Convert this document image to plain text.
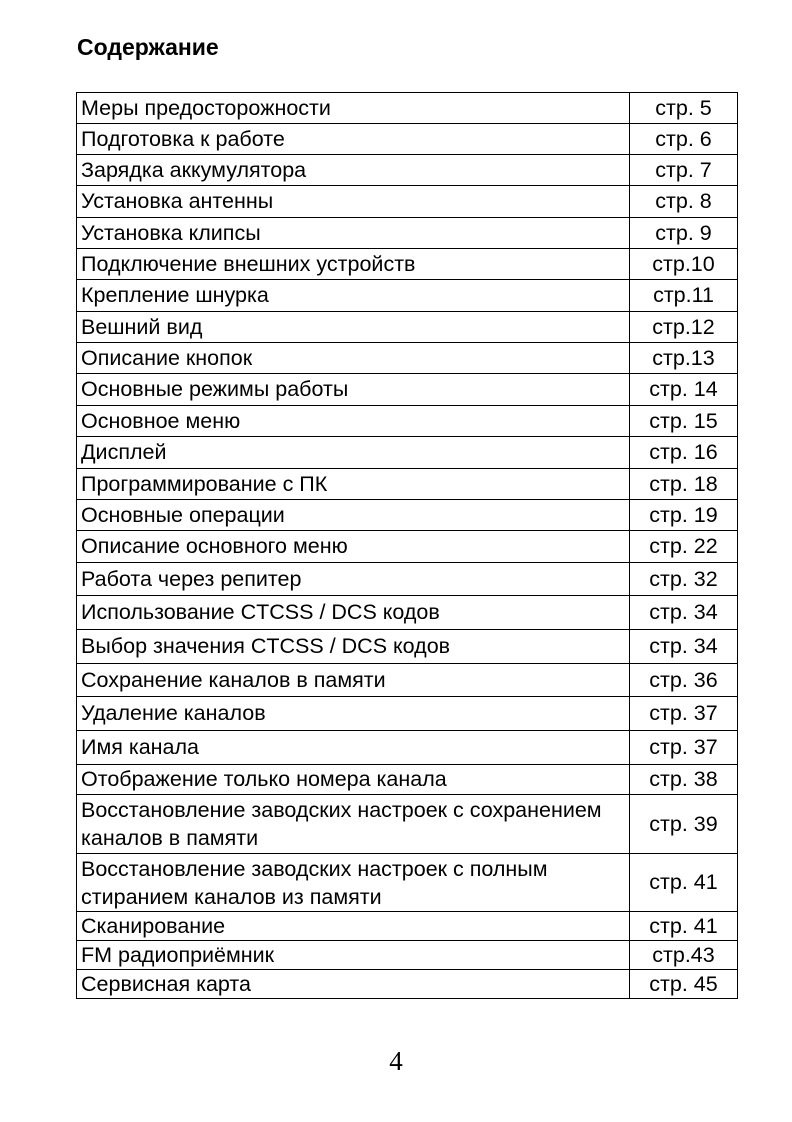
Содержание
Меры предосторожности	стр. 5
Подготовка к работе	стр. 6
Зарядка аккумулятора	стр. 7
Установка антенны	стр. 8
Установка клипсы	стр. 9
Подключение внешних устройств	стр.10
Крепление шнурка	стр.11
Вешний вид	стр.12
Описание кнопок	стр.13
Основные режимы работы	стр. 14
Основное меню	стр. 15
Дисплей	стр. 16
Программирование с ПК	стр. 18
Основные операции	стр. 19
Описание основного меню	стр. 22
Работа через репитер	стр. 32
Использование CTCSS / DCS кодов	стр. 34
Выбор значения CTCSS / DCS кодов	стр. 34
Сохранение каналов в памяти	стр. 36
Удаление каналов	стр. 37
Имя канала	стр. 37
Отображение только номера канала	стр. 38
Восстановление заводских настроек с сохранением каналов в памяти	стр. 39
Восстановление заводских настроек с полным стиранием каналов из памяти	стр. 41
Сканирование	стр. 41
FM радиоприёмник	стр.43
Сервисная карта	стр. 45
4
